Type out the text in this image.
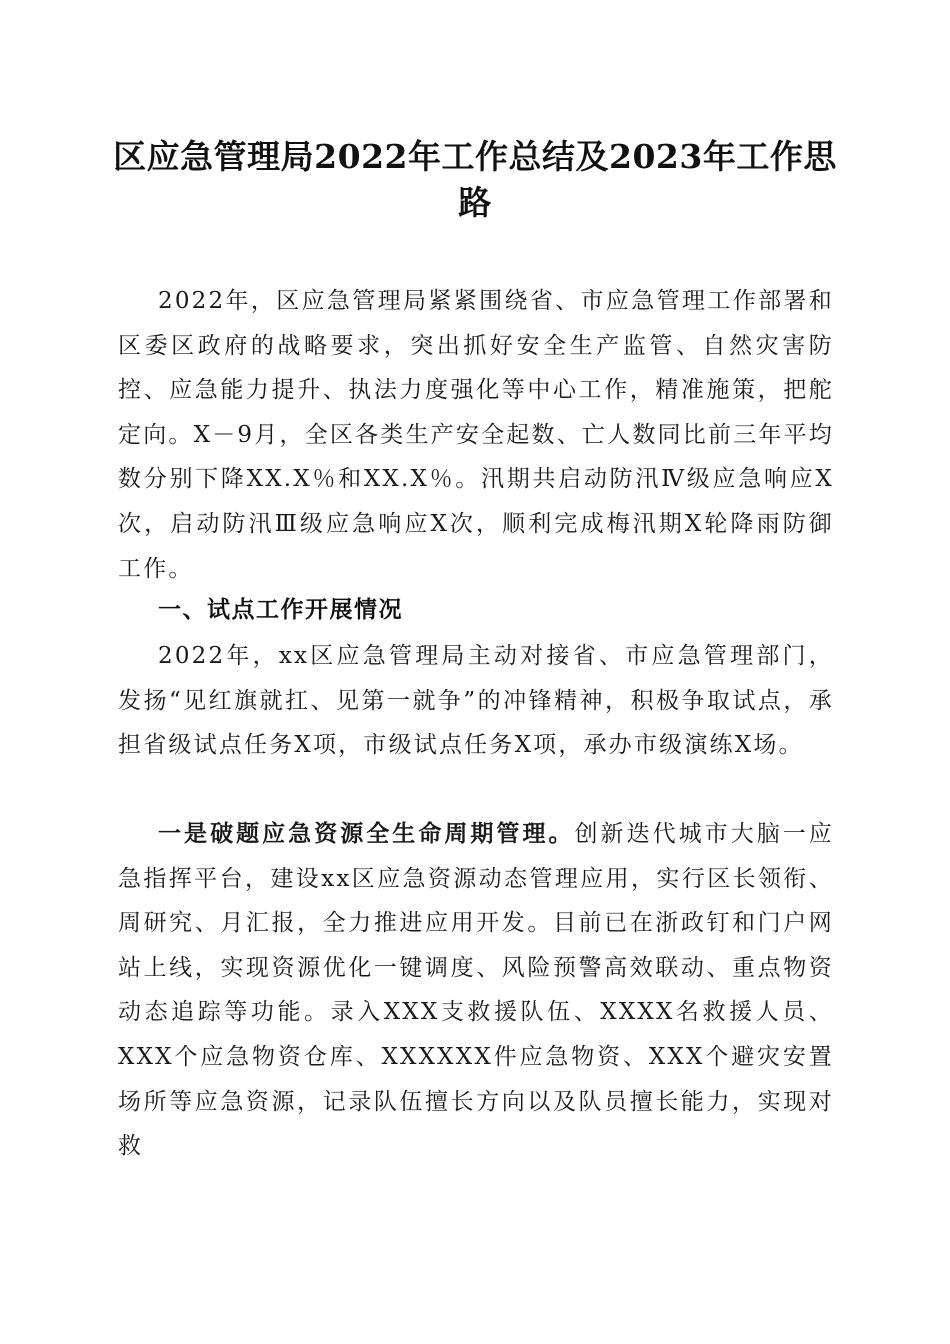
区应急管理局2022年工作总结及2023年工作思路

2022年，区应急管理局紧紧围绕省、市应急管理工作部署和区委区政府的战略要求，突出抓好安全生产监管、自然灾害防控、应急能力提升、执法力度强化等中心工作，精准施策，把舵定向。X－9月，全区各类生产安全起数、亡人数同比前三年平均数分别下降XX.X％和XX.X％。汛期共启动防汛Ⅳ级应急响应X次，启动防汛Ⅲ级应急响应X次，顺利完成梅汛期X轮降雨防御工作。

一、试点工作开展情况

2022年，xx区应急管理局主动对接省、市应急管理部门，发扬“见红旗就扛、见第一就争”的冲锋精神，积极争取试点，承担省级试点任务X项，市级试点任务X项，承办市级演练X场。

一是破题应急资源全生命周期管理。创新迭代城市大脑一应急指挥平台，建设xx区应急资源动态管理应用，实行区长领衔、周研究、月汇报，全力推进应用开发。目前已在浙政钉和门户网站上线，实现资源优化一键调度、风险预警高效联动、重点物资动态追踪等功能。录入XXX支救援队伍、XXXX名救援人员、XXX个应急物资仓库、XXXXXX件应急物资、XXX个避灾安置场所等应急资源，记录队伍擅长方向以及队员擅长能力，实现对救
